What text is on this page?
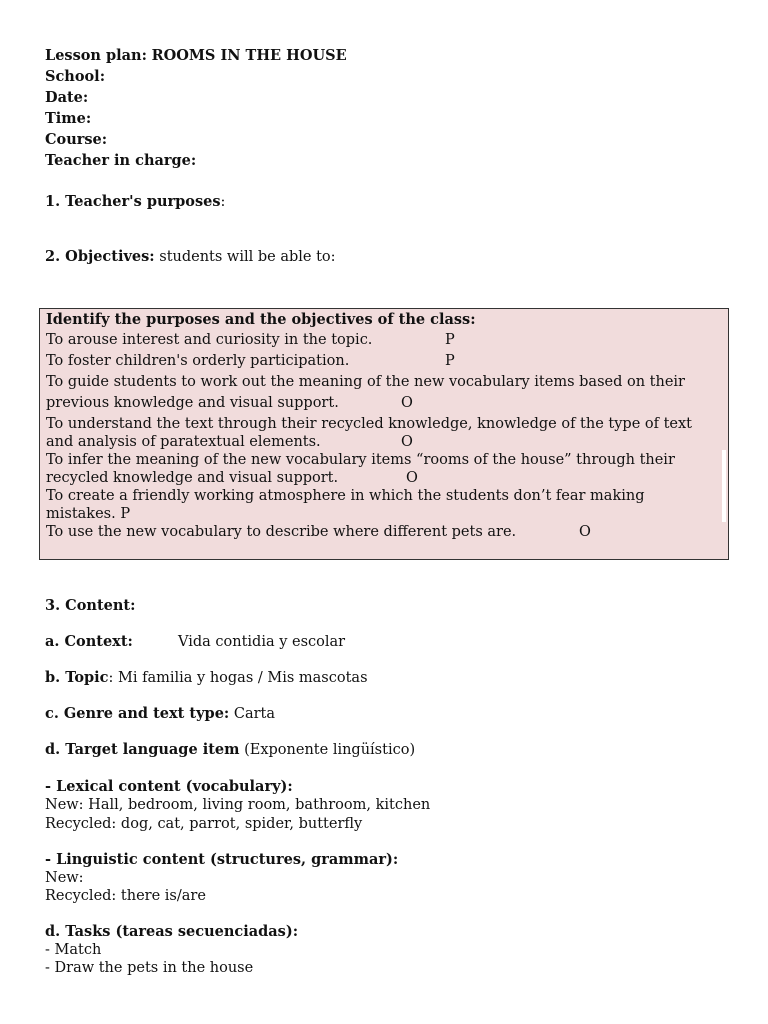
Lesson plan: ROOMS IN THE HOUSE
School:
Date:
Time:
Course:
Teacher in charge:
1. Teacher's purposes:
2. Objectives: students will be able to:
Identify the purposes and the objectives of the class:
To arouse interest and curiosity in the topic.	P
To foster children's orderly participation.	P
To guide students to work out the meaning of the new vocabulary items based on their
previous knowledge and visual support.	O
To understand the text through their recycled knowledge, knowledge of the type of text
and analysis of paratextual elements.	O
To infer the meaning of the new vocabulary items “rooms of the house” through their
recycled knowledge and visual support.	O
To create a friendly working atmosphere in which the students don’t fear making
mistakes. P
To use the new vocabulary to describe where different pets are.	O
3. Content:
a. Context:	Vida contidia y escolar
b. Topic: Mi familia y hogas / Mis mascotas
c. Genre and text type: Carta
d. Target language item (Exponente lingüístico)
- Lexical content (vocabulary):
New: Hall, bedroom, living room, bathroom, kitchen
Recycled: dog, cat, parrot, spider, butterfly
- Linguistic content (structures, grammar):
New:
Recycled: there is/are
d. Tasks (tareas secuenciadas):
- Match
- Draw the pets in the house
